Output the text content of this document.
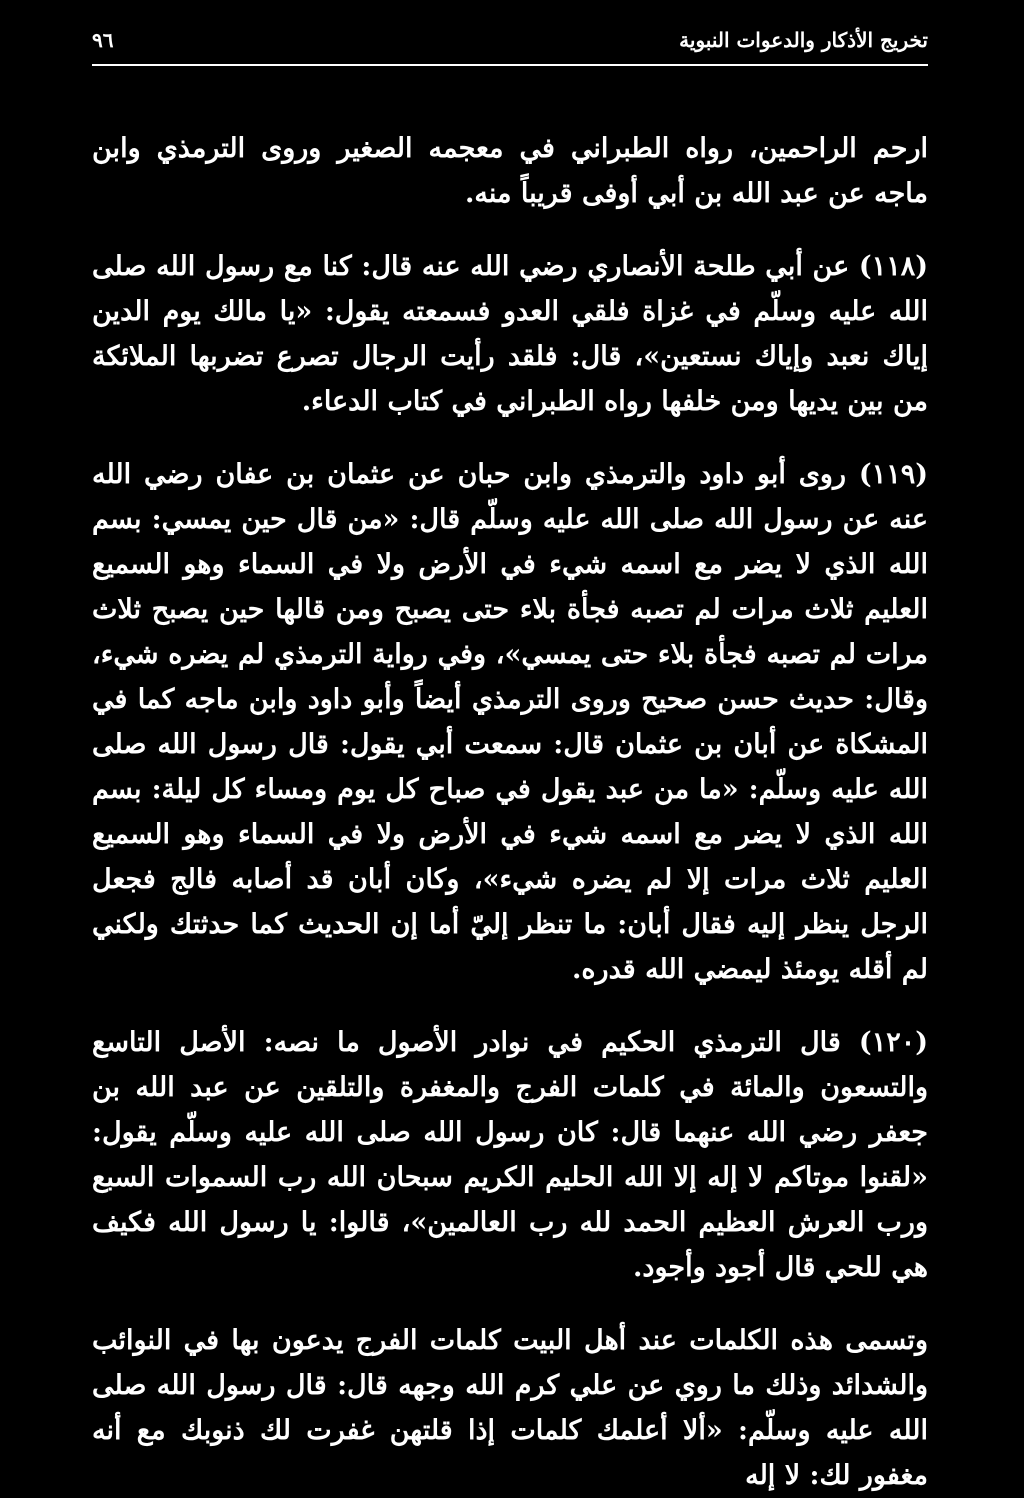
تخريج الأذكار والدعوات النبوية
٩٦

ارحم الراحمين، رواه الطبراني في معجمه الصغير وروى الترمذي وابن ماجه عن عبد الله بن أبي أوفى قريباً منه.

(١١٨) عن أبي طلحة الأنصاري رضي الله عنه قال: كنا مع رسول الله صلى الله عليه وسلّم في غزاة فلقي العدو فسمعته يقول: «يا مالك يوم الدين إياك نعبد وإياك نستعين»، قال: فلقد رأيت الرجال تصرع تضربها الملائكة من بين يديها ومن خلفها رواه الطبراني في كتاب الدعاء.

(١١٩) روى أبو داود والترمذي وابن حبان عن عثمان بن عفان رضي الله عنه عن رسول الله صلى الله عليه وسلّم قال: «من قال حين يمسي: بسم الله الذي لا يضر مع اسمه شيء في الأرض ولا في السماء وهو السميع العليم ثلاث مرات لم تصبه فجأة بلاء حتى يصبح ومن قالها حين يصبح ثلاث مرات لم تصبه فجأة بلاء حتى يمسي»، وفي رواية الترمذي لم يضره شيء، وقال: حديث حسن صحيح وروى الترمذي أيضاً وأبو داود وابن ماجه كما في المشكاة عن أبان بن عثمان قال: سمعت أبي يقول: قال رسول الله صلى الله عليه وسلّم: «ما من عبد يقول في صباح كل يوم ومساء كل ليلة: بسم الله الذي لا يضر مع اسمه شيء في الأرض ولا في السماء وهو السميع العليم ثلاث مرات إلا لم يضره شيء»، وكان أبان قد أصابه فالج فجعل الرجل ينظر إليه فقال أبان: ما تنظر إليّ أما إن الحديث كما حدثتك ولكني لم أقله يومئذ ليمضي الله قدره.

(١٢٠) قال الترمذي الحكيم في نوادر الأصول ما نصه: الأصل التاسع والتسعون والمائة في كلمات الفرج والمغفرة والتلقين عن عبد الله بن جعفر رضي الله عنهما قال: كان رسول الله صلى الله عليه وسلّم يقول: «لقنوا موتاكم لا إله إلا الله الحليم الكريم سبحان الله رب السموات السبع ورب العرش العظيم الحمد لله رب العالمين»، قالوا: يا رسول الله فكيف هي للحي قال أجود وأجود.

وتسمى هذه الكلمات عند أهل البيت كلمات الفرج يدعون بها في النوائب والشدائد وذلك ما روي عن علي كرم الله وجهه قال: قال رسول الله صلى الله عليه وسلّم: «ألا أعلمك كلمات إذا قلتهن غفرت لك ذنوبك مع أنه مغفور لك: لا إله
